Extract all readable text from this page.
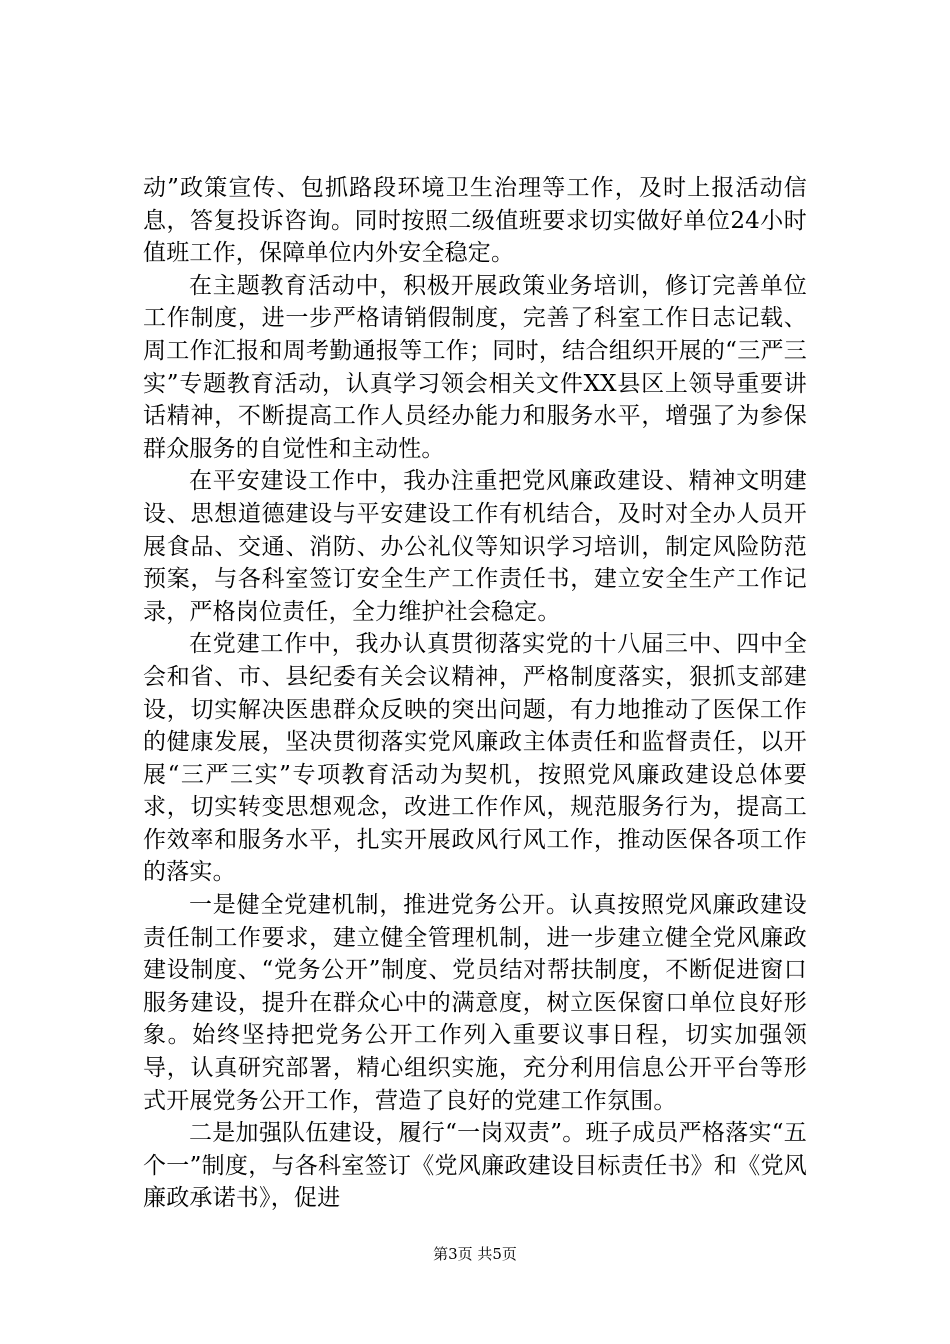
动”政策宣传、包抓路段环境卫生治理等工作，及时上报活动信息，答复投诉咨询。同时按照二级值班要求切实做好单位24小时值班工作，保障单位内外安全稳定。

在主题教育活动中，积极开展政策业务培训，修订完善单位工作制度，进一步严格请销假制度，完善了科室工作日志记载、周工作汇报和周考勤通报等工作；同时，结合组织开展的“三严三实”专题教育活动，认真学习领会相关文件XX县区上领导重要讲话精神，不断提高工作人员经办能力和服务水平，增强了为参保群众服务的自觉性和主动性。

在平安建设工作中，我办注重把党风廉政建设、精神文明建设、思想道德建设与平安建设工作有机结合，及时对全办人员开展食品、交通、消防、办公礼仪等知识学习培训，制定风险防范预案，与各科室签订安全生产工作责任书，建立安全生产工作记录，严格岗位责任，全力维护社会稳定。

在党建工作中，我办认真贯彻落实党的十八届三中、四中全会和省、市、县纪委有关会议精神，严格制度落实，狠抓支部建设，切实解决医患群众反映的突出问题，有力地推动了医保工作的健康发展，坚决贯彻落实党风廉政主体责任和监督责任，以开展“三严三实”专项教育活动为契机，按照党风廉政建设总体要求，切实转变思想观念，改进工作作风，规范服务行为，提高工作效率和服务水平，扎实开展政风行风工作，推动医保各项工作的落实。

一是健全党建机制，推进党务公开。认真按照党风廉政建设责任制工作要求，建立健全管理机制，进一步建立健全党风廉政建设制度、“党务公开”制度、党员结对帮扶制度，不断促进窗口服务建设，提升在群众心中的满意度，树立医保窗口单位良好形象。始终坚持把党务公开工作列入重要议事日程，切实加强领导，认真研究部署，精心组织实施，充分利用信息公开平台等形式开展党务公开工作，营造了良好的党建工作氛围。

二是加强队伍建设，履行“一岗双责”。班子成员严格落实“五个一”制度，与各科室签订《党风廉政建设目标责任书》和《党风廉政承诺书》，促进

第3页 共5页
